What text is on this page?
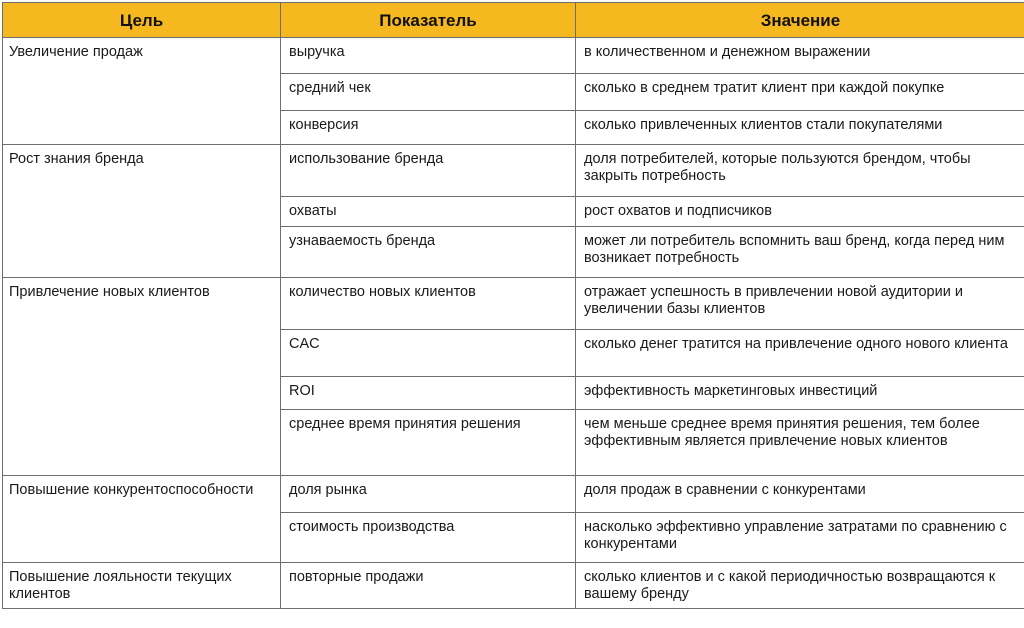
Цель	Показатель	Значение

Увеличение продаж	выручка	в количественном и денежном выражении

	средний чек	сколько в среднем тратит клиент при каждой покупке

	конверсия	сколько привлеченных клиентов стали покупателями

Рост знания бренда	использование бренда	доля потребителей, которые пользуются брендом, чтобы закрыть потребность

	охваты	рост охватов и подписчиков

	узнаваемость бренда	может ли потребитель вспомнить ваш бренд, когда перед ним возникает потребность

Привлечение новых клиентов	количество новых клиентов	отражает успешность в привлечении новой аудитории и увеличении базы клиентов

	CAC	сколько денег тратится на привлечение одного нового клиента

	ROI	эффективность маркетинговых инвестиций

	среднее время принятия решения	чем меньше среднее время принятия решения, тем более эффективным является привлечение новых клиентов

Повышение конкурентоспособности	доля рынка	доля продаж в сравнении с конкурентами

	стоимость производства	насколько эффективно управление затратами по сравнению с конкурентами

Повышение лояльности текущих клиентов	повторные продажи	сколько клиентов и с какой периодичностью возвращаются к вашему бренду
